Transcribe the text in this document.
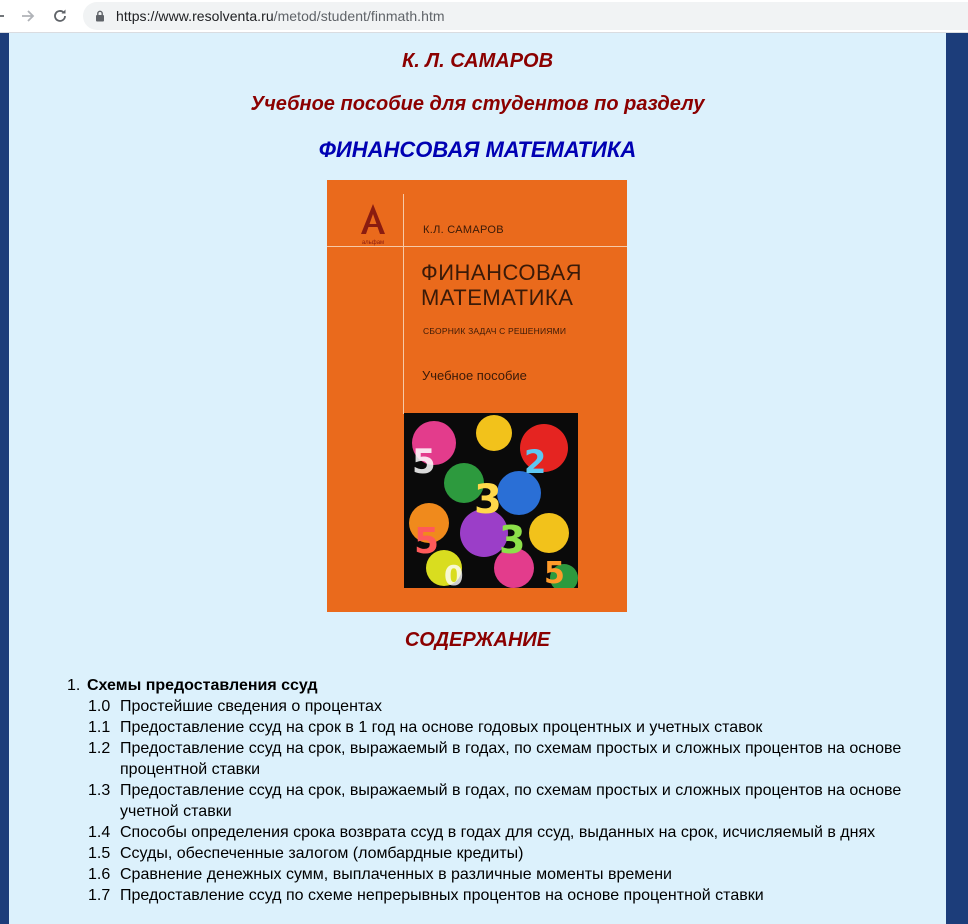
https://www.resolventa.ru/metod/student/finmath.htm
К. Л. САМАРОВ
Учебное пособие для студентов по разделу
ФИНАНСОВАЯ МАТЕМАТИКА
альфам
К.Л. САМАРОВ
ФИНАНСОВАЯ
МАТЕМАТИКА
СБОРНИК ЗАДАЧ С РЕШЕНИЯМИ
Учебное пособие
5
3
2
5 3
5
0
СОДЕРЖАНИЕ
1. Схемы предоставления ссуд
1.0 Простейшие сведения о процентах
1.1 Предоставление ссуд на срок в 1 год на основе годовых процентных и учетных ставок
1.2 Предоставление ссуд на срок, выражаемый в годах, по схемам простых и сложных процентов на основе процентной ставки
1.3 Предоставление ссуд на срок, выражаемый в годах, по схемам простых и сложных процентов на основе учетной ставки
1.4 Способы определения срока возврата ссуд в годах для ссуд, выданных на срок, исчисляемый в днях
1.5 Ссуды, обеспеченные залогом (ломбардные кредиты)
1.6 Сравнение денежных сумм, выплаченных в различные моменты времени
1.7 Предоставление ссуд по схеме непрерывных процентов на основе процентной ставки
